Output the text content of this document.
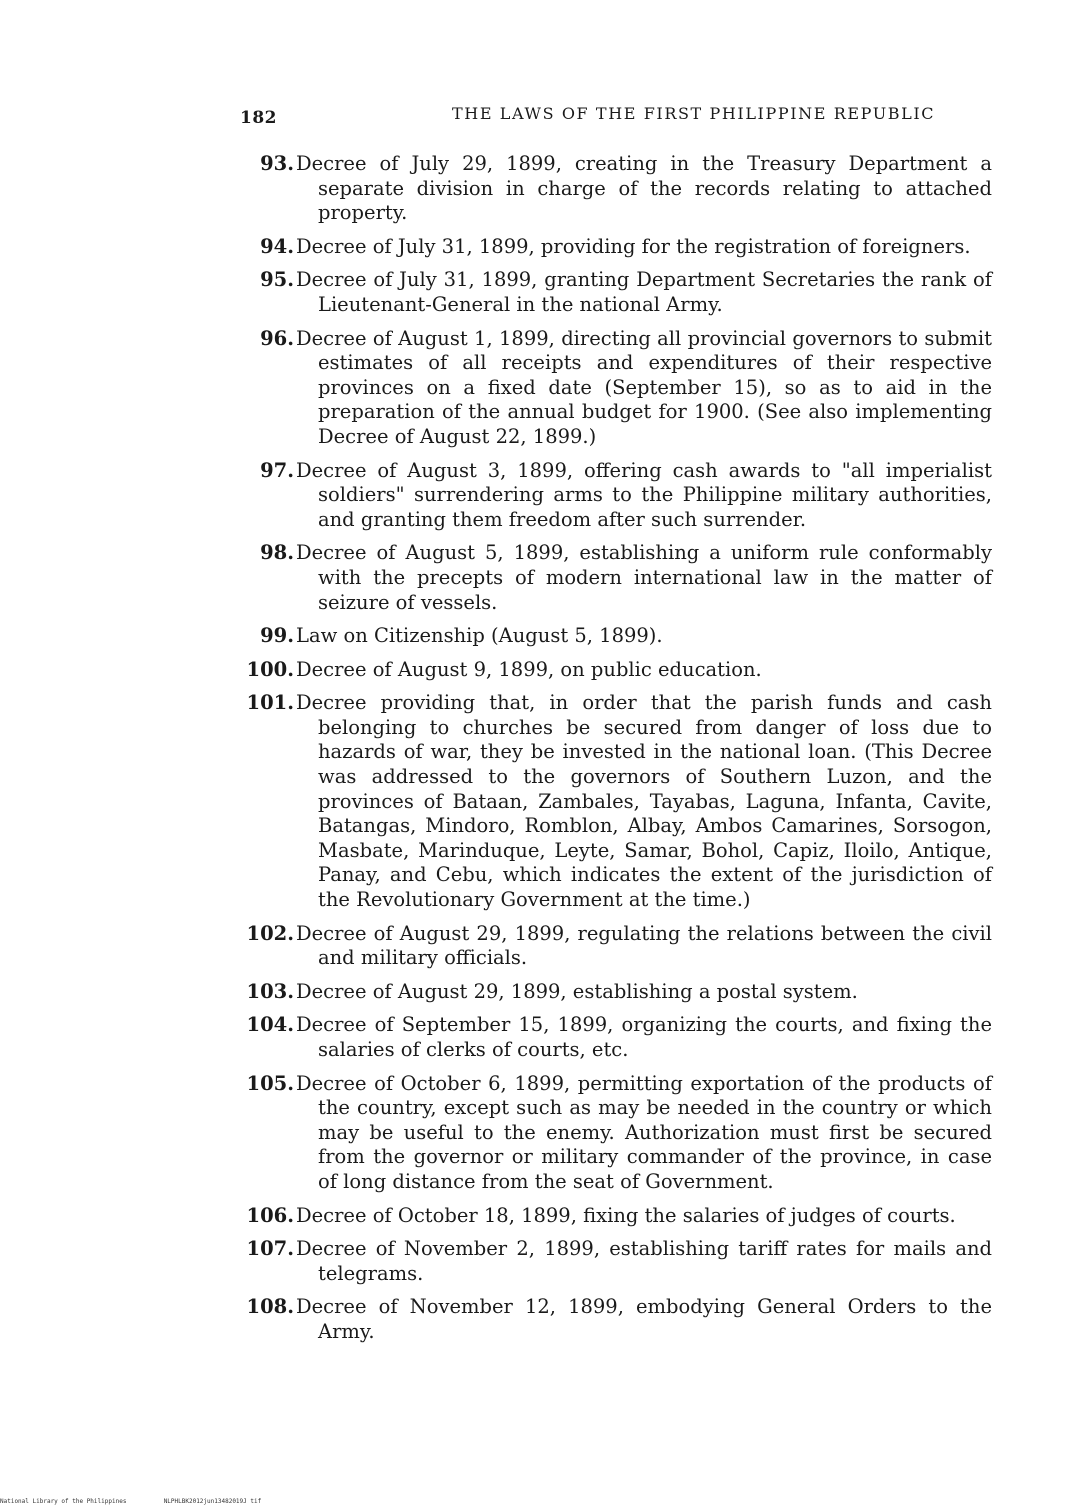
182	THE LAWS OF THE FIRST PHILIPPINE REPUBLIC
93. Decree of July 29, 1899, creating in the Treasury Department a separate division in charge of the records relating to attached property.
94. Decree of July 31, 1899, providing for the registration of foreigners.
95. Decree of July 31, 1899, granting Department Secretaries the rank of Lieutenant-General in the national Army.
96. Decree of August 1, 1899, directing all provincial governors to submit estimates of all receipts and expenditures of their respective provinces on a fixed date (September 15), so as to aid in the preparation of the annual budget for 1900. (See also implementing Decree of August 22, 1899.)
97. Decree of August 3, 1899, offering cash awards to "all imperialist soldiers" surrendering arms to the Philippine military authorities, and granting them freedom after such surrender.
98. Decree of August 5, 1899, establishing a uniform rule conformably with the precepts of modern international law in the matter of seizure of vessels.
99. Law on Citizenship (August 5, 1899).
100. Decree of August 9, 1899, on public education.
101. Decree providing that, in order that the parish funds and cash belonging to churches be secured from danger of loss due to hazards of war, they be invested in the national loan. (This Decree was addressed to the governors of Southern Luzon, and the provinces of Bataan, Zambales, Tayabas, Laguna, Infanta, Cavite, Batangas, Mindoro, Romblon, Albay, Ambos Camarines, Sorsogon, Masbate, Marinduque, Leyte, Samar, Bohol, Capiz, Iloilo, Antique, Panay, and Cebu, which indicates the extent of the jurisdiction of the Revolutionary Government at the time.)
102. Decree of August 29, 1899, regulating the relations between the civil and military officials.
103. Decree of August 29, 1899, establishing a postal system.
104. Decree of September 15, 1899, organizing the courts, and fixing the salaries of clerks of courts, etc.
105. Decree of October 6, 1899, permitting exportation of the products of the country, except such as may be needed in the country or which may be useful to the enemy. Authorization must first be secured from the governor or military commander of the province, in case of long distance from the seat of Government.
106. Decree of October 18, 1899, fixing the salaries of judges of courts.
107. Decree of November 2, 1899, establishing tariff rates for mails and telegrams.
108. Decree of November 12, 1899, embodying General Orders to the Army.
National Library of the Philippines	NLPHLBK2012jun13482019J tif
